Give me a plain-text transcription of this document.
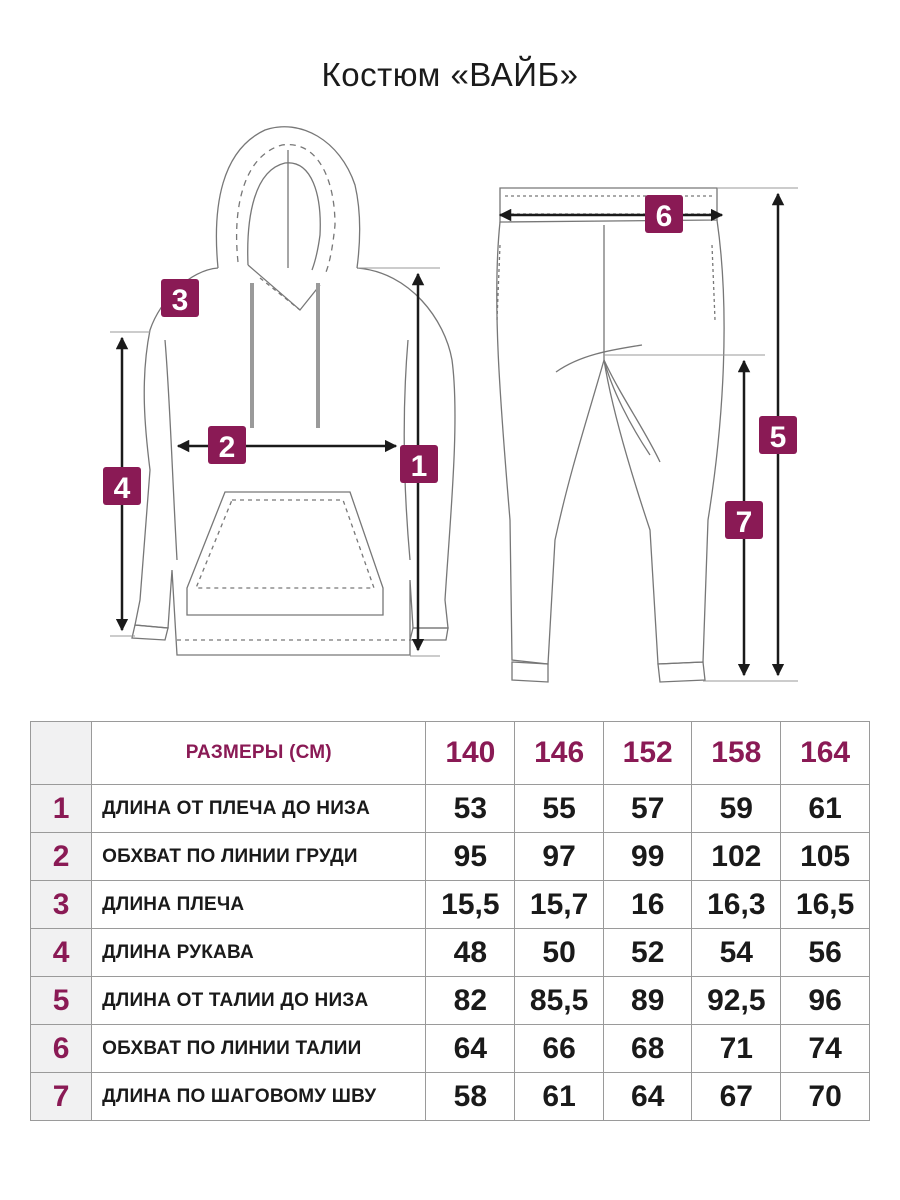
Костюм «ВАЙБ»
1
2
3
4
5
6
7
	РАЗМЕРЫ (СМ)	140	146	152	158	164
1	ДЛИНА ОТ ПЛЕЧА ДО НИЗА	53	55	57	59	61
2	ОБХВАТ ПО ЛИНИИ ГРУДИ	95	97	99	102	105
3	ДЛИНА ПЛЕЧА	15,5	15,7	16	16,3	16,5
4	ДЛИНА РУКАВА	48	50	52	54	56
5	ДЛИНА ОТ ТАЛИИ ДО НИЗА	82	85,5	89	92,5	96
6	ОБХВАТ ПО ЛИНИИ ТАЛИИ	64	66	68	71	74
7	ДЛИНА ПО ШАГОВОМУ ШВУ	58	61	64	67	70
